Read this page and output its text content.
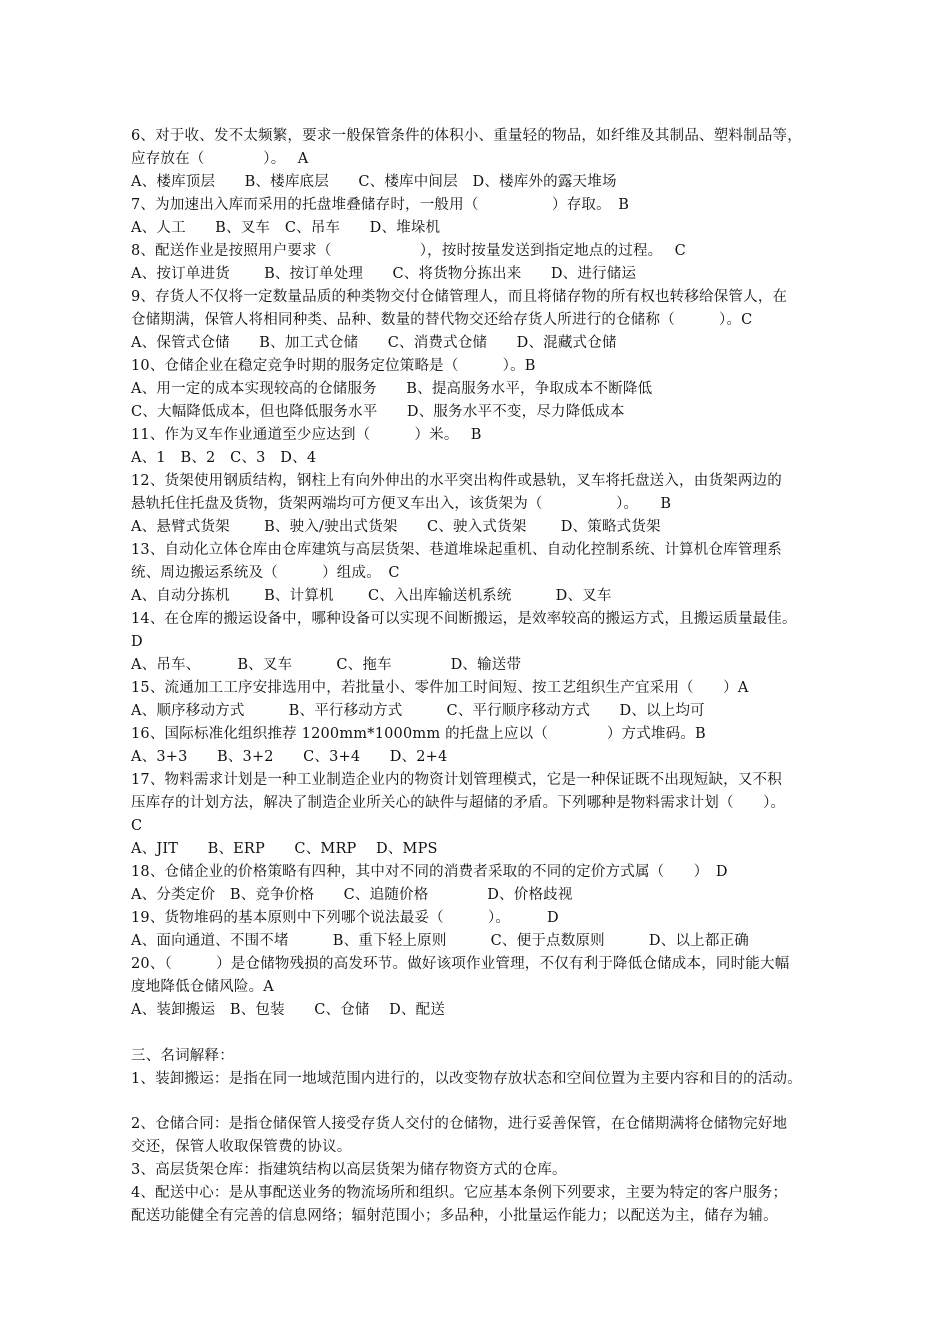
6、对于收、发不太频繁，要求一般保管条件的体积小、重量轻的物品，如纤维及其制品、塑料制品等，
应存放在（　　　　）。　 A
A、楼库顶层　　B、楼库底层　　C、楼库中间层　D、楼库外的露天堆场
7、为加速出入库而采用的托盘堆叠储存时，一般用（　　　　　）存取。　B
A、人工　　B、叉车　C、吊车　　D、堆垛机
8、配送作业是按照用户要求（　　　　　　），按时按量发送到指定地点的过程。　 C
A、按订单进货　　 B、按订单处理　　C、将货物分拣出来　　D、进行储运
9、存货人不仅将一定数量品质的种类物交付仓储管理人，而且将储存物的所有权也转移给保管人，在
仓储期满，保管人将相同种类、品种、数量的替代物交还给存货人所进行的仓储称（　　　）。C
A、保管式仓储　　B、加工式仓储　　C、消费式仓储　　D、混藏式仓储
10、仓储企业在稳定竞争时期的服务定位策略是（　　　）。B
A、用一定的成本实现较高的仓储服务　　B、提高服务水平，争取成本不断降低
C、大幅降低成本，但也降低服务水平　　D、服务水平不变，尽力降低成本
11、作为叉车作业通道至少应达到（　　　）米。　 B
A、1　B、2　C、3　D、4
12、货架使用钢质结构，钢柱上有向外伸出的水平突出构件或悬轨，叉车将托盘送入，由货架两边的
悬轨托住托盘及货物，货架两端均可方便叉车出入，该货架为（　　　　　）。　　B
A、悬臂式货架　　 B、驶入/驶出式货架　　C、驶入式货架　　 D、策略式货架
13、自动化立体仓库由仓库建筑与高层货架、巷道堆垛起重机、自动化控制系统、计算机仓库管理系
统、周边搬运系统及（　　　）组成。　C
A、自动分拣机　　 B、计算机　　 C、入出库输送机系统　　　D、叉车
14、在仓库的搬运设备中，哪种设备可以实现不间断搬运，是效率较高的搬运方式，且搬运质量最佳。
D
A、吊车、　　　B、叉车　　　C、拖车　　　　D、输送带
15、流通加工工序安排选用中，若批量小、零件加工时间短、按工艺组织生产宜采用（　　）A
A、顺序移动方式　　　B、平行移动方式　　　C、平行顺序移动方式　　D、以上均可
16、国际标准化组织推荐 1200mm*1000mm 的托盘上应以（　　　　）方式堆码。B
A、3+3　　B、3+2　　C、3+4　　D、2+4
17、物料需求计划是一种工业制造企业内的物资计划管理模式，它是一种保证既不出现短缺，又不积
压库存的计划方法，解决了制造企业所关心的缺件与超储的矛盾。下列哪种是物料需求计划（　　）。
C
A、JIT　　B、ERP　　C、MRP　 D、MPS
18、仓储企业的价格策略有四种，其中对不同的消费者采取的不同的定价方式属（　　）　D
A、分类定价　B、竞争价格　　C、追随价格　　　　D、价格歧视
19、货物堆码的基本原则中下列哪个说法最妥（　　　）。　　　D
A、面向通道、不围不堵　　　B、重下轻上原则　　　C、便于点数原则　　　D、以上都正确
20、（　　　）是仓储物残损的高发环节。做好该项作业管理，不仅有利于降低仓储成本，同时能大幅
度地降低仓储风险。A
A、装卸搬运　B、包装　　C、仓储　 D、配送
三、名词解释：
1、装卸搬运：是指在同一地域范围内进行的，以改变物存放状态和空间位置为主要内容和目的的活动。
2、仓储合同：是指仓储保管人接受存货人交付的仓储物，进行妥善保管，在仓储期满将仓储物完好地
交还，保管人收取保管费的协议。
3、高层货架仓库：指建筑结构以高层货架为储存物资方式的仓库。
4、配送中心：是从事配送业务的物流场所和组织。它应基本条例下列要求，主要为特定的客户服务；
配送功能健全有完善的信息网络；辐射范围小；多品种，小批量运作能力；以配送为主，储存为辅。
